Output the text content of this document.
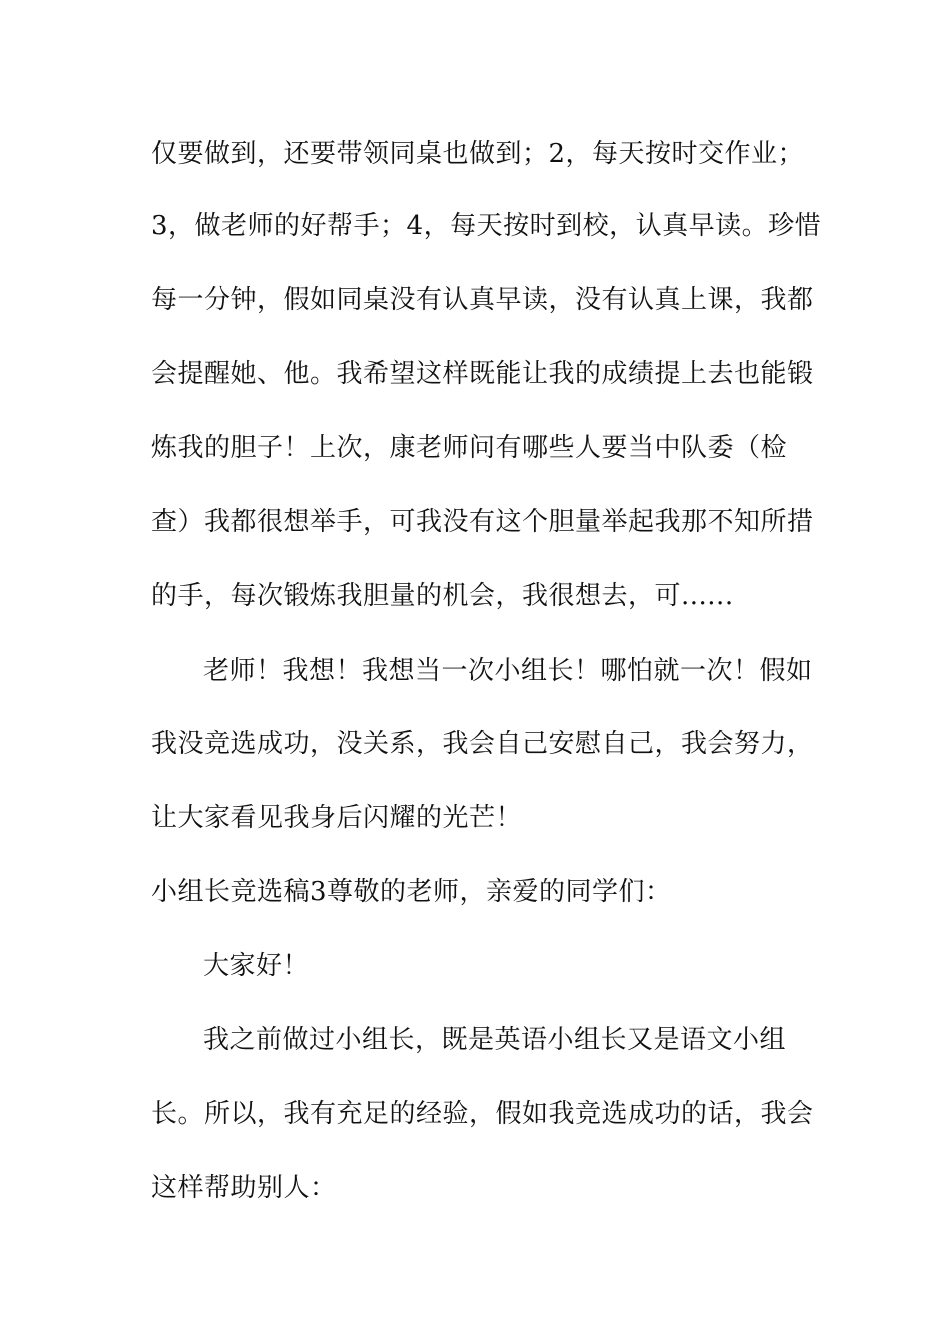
仅要做到，还要带领同桌也做到；2，每天按时交作业；
3，做老师的好帮手；4，每天按时到校，认真早读。珍惜
每一分钟，假如同桌没有认真早读，没有认真上课，我都
会提醒她、他。我希望这样既能让我的成绩提上去也能锻
炼我的胆子！上次，康老师问有哪些人要当中队委（检
查）我都很想举手，可我没有这个胆量举起我那不知所措
的手，每次锻炼我胆量的机会，我很想去，可......
老师！我想！我想当一次小组长！哪怕就一次！假如
我没竞选成功，没关系，我会自己安慰自己，我会努力，
让大家看见我身后闪耀的光芒！
小组长竞选稿3尊敬的老师，亲爱的同学们：
大家好！
我之前做过小组长，既是英语小组长又是语文小组
长。所以，我有充足的经验，假如我竞选成功的话，我会
这样帮助别人：
